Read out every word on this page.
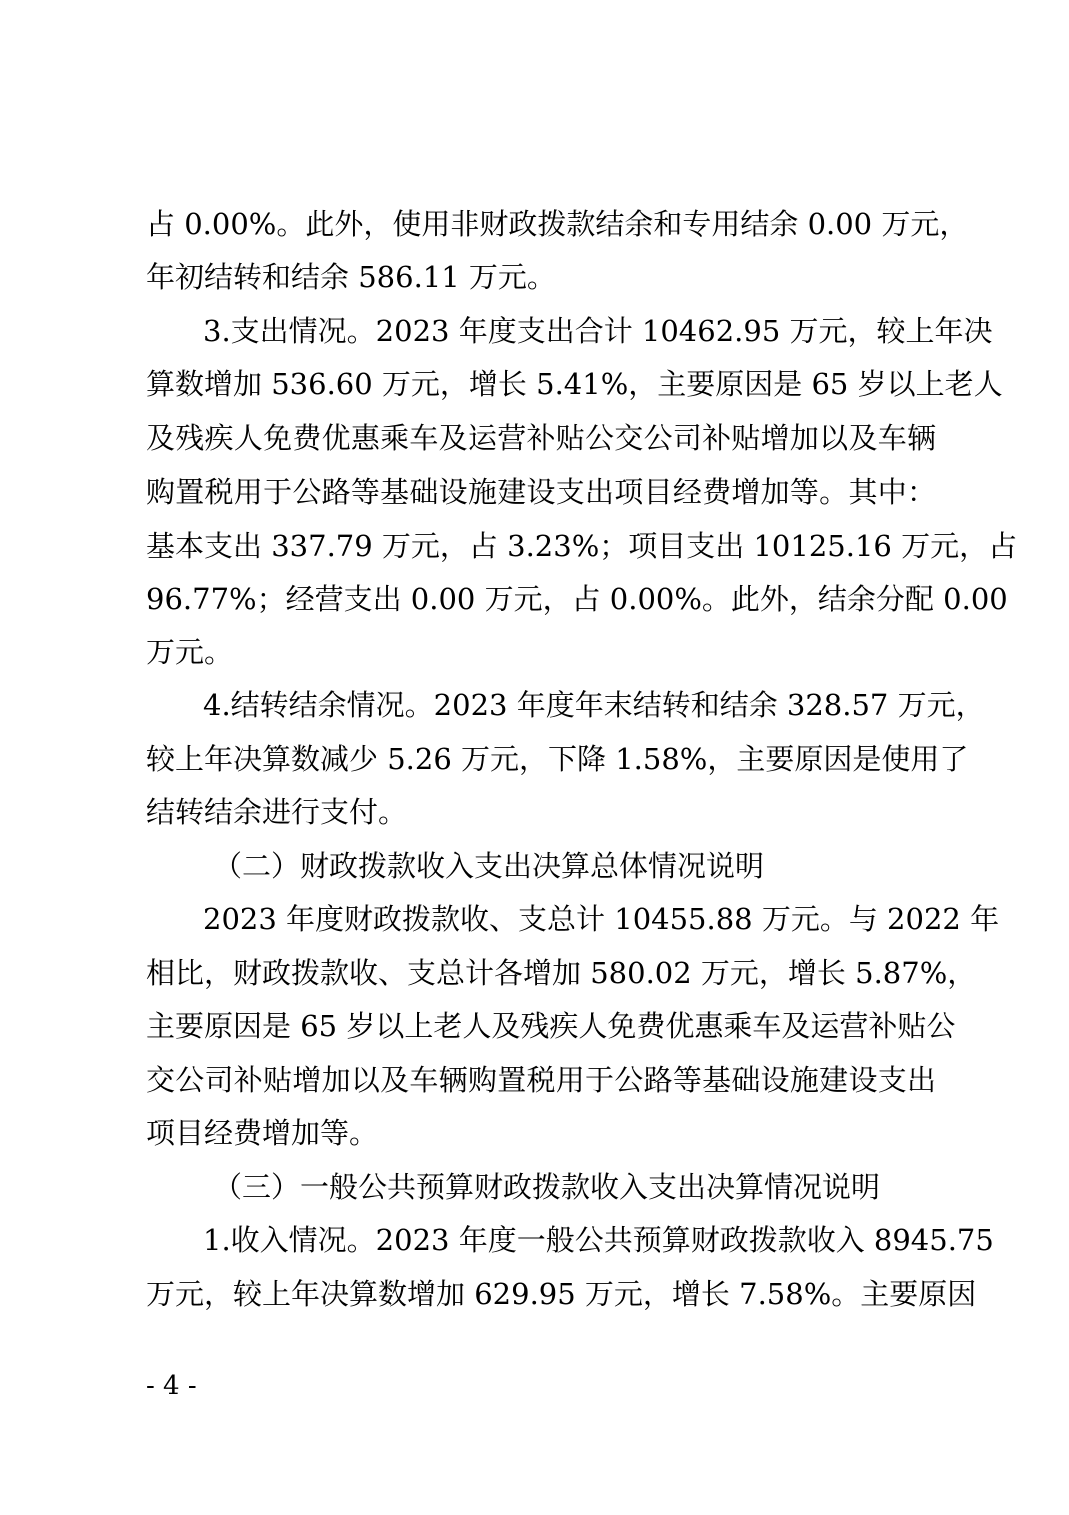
占 0.00%。此外，使用非财政拨款结余和专用结余 0.00 万元，
年初结转和结余 586.11 万元。
3.支出情况。2023 年度支出合计 10462.95 万元，较上年决
算数增加 536.60 万元，增长 5.41%，主要原因是 65 岁以上老人
及残疾人免费优惠乘车及运营补贴公交公司补贴增加以及车辆
购置税用于公路等基础设施建设支出项目经费增加等。其中：
基本支出 337.79 万元，占 3.23%；项目支出 10125.16 万元，占
96.77%；经营支出 0.00 万元，占 0.00%。此外，结余分配 0.00
万元。
4.结转结余情况。2023 年度年末结转和结余 328.57 万元，
较上年决算数减少 5.26 万元，下降 1.58%，主要原因是使用了
结转结余进行支付。
（二）财政拨款收入支出决算总体情况说明
2023 年度财政拨款收、支总计 10455.88 万元。与 2022 年
相比，财政拨款收、支总计各增加 580.02 万元，增长 5.87%，
主要原因是 65 岁以上老人及残疾人免费优惠乘车及运营补贴公
交公司补贴增加以及车辆购置税用于公路等基础设施建设支出
项目经费增加等。
（三）一般公共预算财政拨款收入支出决算情况说明
1.收入情况。2023 年度一般公共预算财政拨款收入 8945.75
万元，较上年决算数增加 629.95 万元，增长 7.58%。主要原因
- 4 -
